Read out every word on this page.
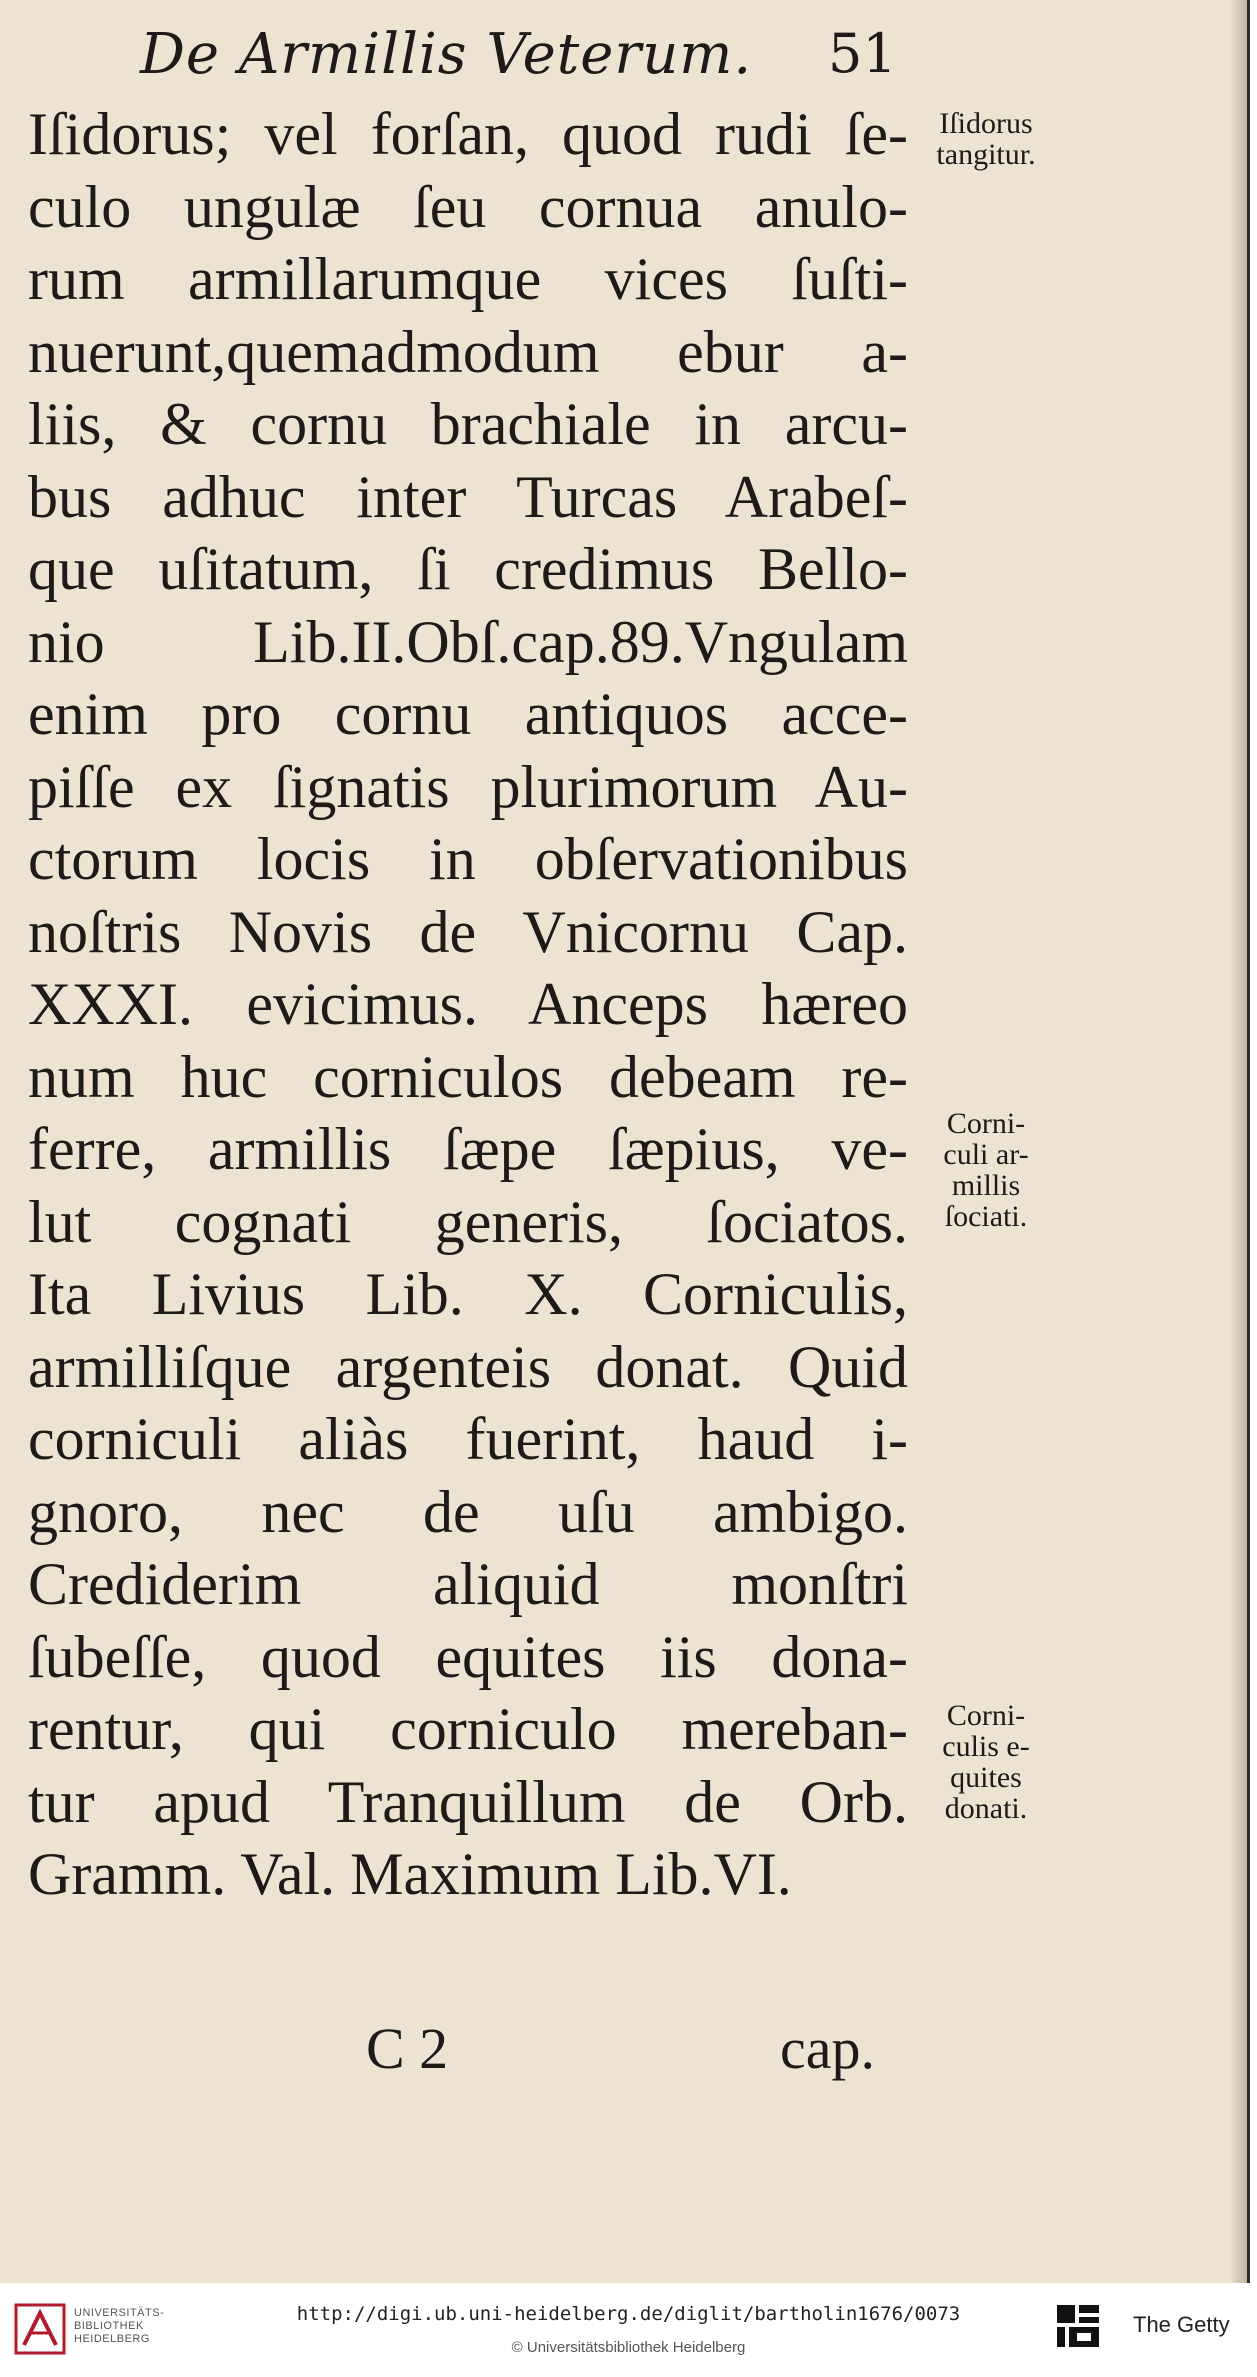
De Armillis Veterum. 51
Iſidorus; vel forſan, quod rudi ſe-
culo ungulæ ſeu cornua anulo-
rum armillarumque vices ſuſti-
nuerunt,quemadmodum ebur a-
liis, & cornu brachiale in arcu-
bus adhuc inter Turcas Arabeſ-
que uſitatum, ſi credimus Bello-
nio Lib.II.Obſ.cap.89.Vngulam
enim pro cornu antiquos acce-
piſſe ex ſignatis plurimorum Au-
ctorum locis in obſervationibus
noſtris Novis de Vnicornu Cap.
XXXI. evicimus. Anceps hæreo
num huc corniculos debeam re-
ferre, armillis ſæpe ſæpius, ve-
lut cognati generis, ſociatos.
Ita Livius Lib. X. Corniculis,
armilliſque argenteis donat. Quid
corniculi aliàs fuerint, haud i-
gnoro, nec de uſu ambigo.
Crediderim aliquid monſtri
ſubeſſe, quod equites iis dona-
rentur, qui corniculo mereban-
tur apud Tranquillum de Orb.
Gramm. Val. Maximum Lib.VI.
Iſidorus
tangitur.
Corni-
culi ar-
millis
ſociati.
Corni-
culis e-
quites
donati.
C 2	cap.
UNIVERSITÄTS-
BIBLIOTHEK
HEIDELBERG
http://digi.ub.uni-heidelberg.de/diglit/bartholin1676/0073
© Universitätsbibliothek Heidelberg
The Getty
